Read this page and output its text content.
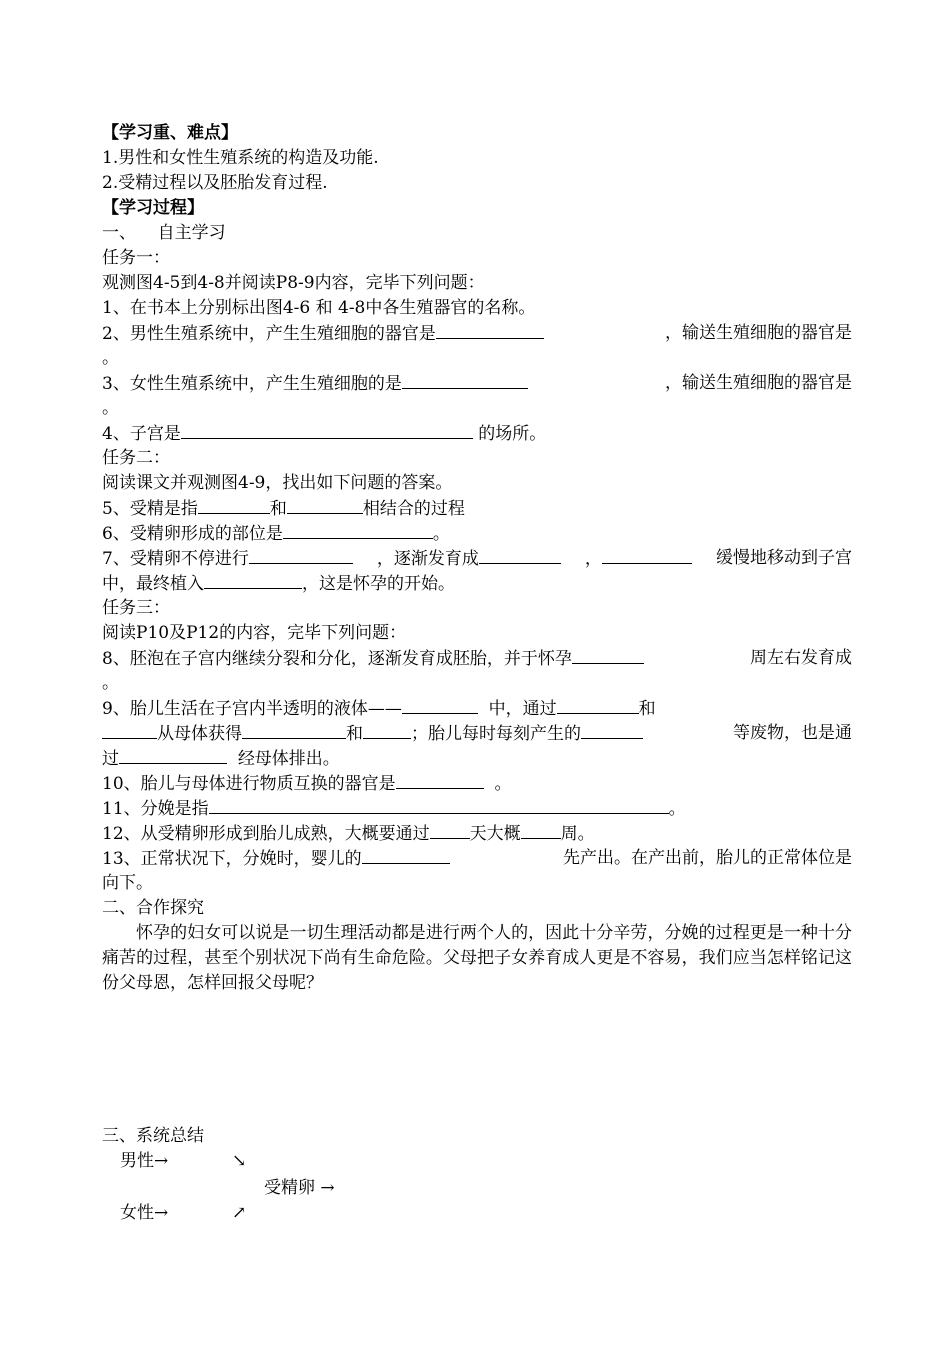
【学习重、难点】
1.男性和女性生殖系统的构造及功能.
2.受精过程以及胚胎发育过程.
【学习过程】
一、    自主学习
任务一：
观测图4-5到4-8并阅读P8-9内容，完毕下列问题：
1、在书本上分别标出图4-6 和 4-8中各生殖器官的名称。
2、男性生殖系统中，产生生殖细胞的器官是	，输送生殖细胞的器官是
。
3、女性生殖系统中，产生生殖细胞的是	，输送生殖细胞的器官是
。
4、子宫是	的场所。
任务二：
阅读课文并观测图4-9，找出如下问题的答案。
5、受精是指	和	相结合的过程
6、受精卵形成的部位是	。
7、受精卵不停进行	，逐渐发育成	，	缓慢地移动到子宫
中，最终植入	，这是怀孕的开始。
任务三：
阅读P10及P12的内容，完毕下列问题：
8、胚泡在子宫内继续分裂和分化，逐渐发育成胚胎，并于怀孕	周左右发育成
。
9、胎儿生活在子宫内半透明的液体——	中，通过	和
从母体获得	和	；胎儿每时每刻产生的	等废物，也是通
过	经母体排出。
10、胎儿与母体进行物质互换的器官是	。
11、分娩是指	。
12、从受精卵形成到胎儿成熟，大概要通过 天大概 周。
13、正常状况下，分娩时，婴儿的	先产出。在产出前，胎儿的正常体位是
向下。
二、合作探究
怀孕的妇女可以说是一切生理活动都是进行两个人的，因此十分辛劳，分娩的过程更是一种十分痛苦的过程，甚至个别状况下尚有生命危险。父母把子女养育成人更是不容易，我们应当怎样铭记这份父母恩，怎样回报父母呢？
三、系统总结
男性→	↘
受精卵 →
女性→	↗
